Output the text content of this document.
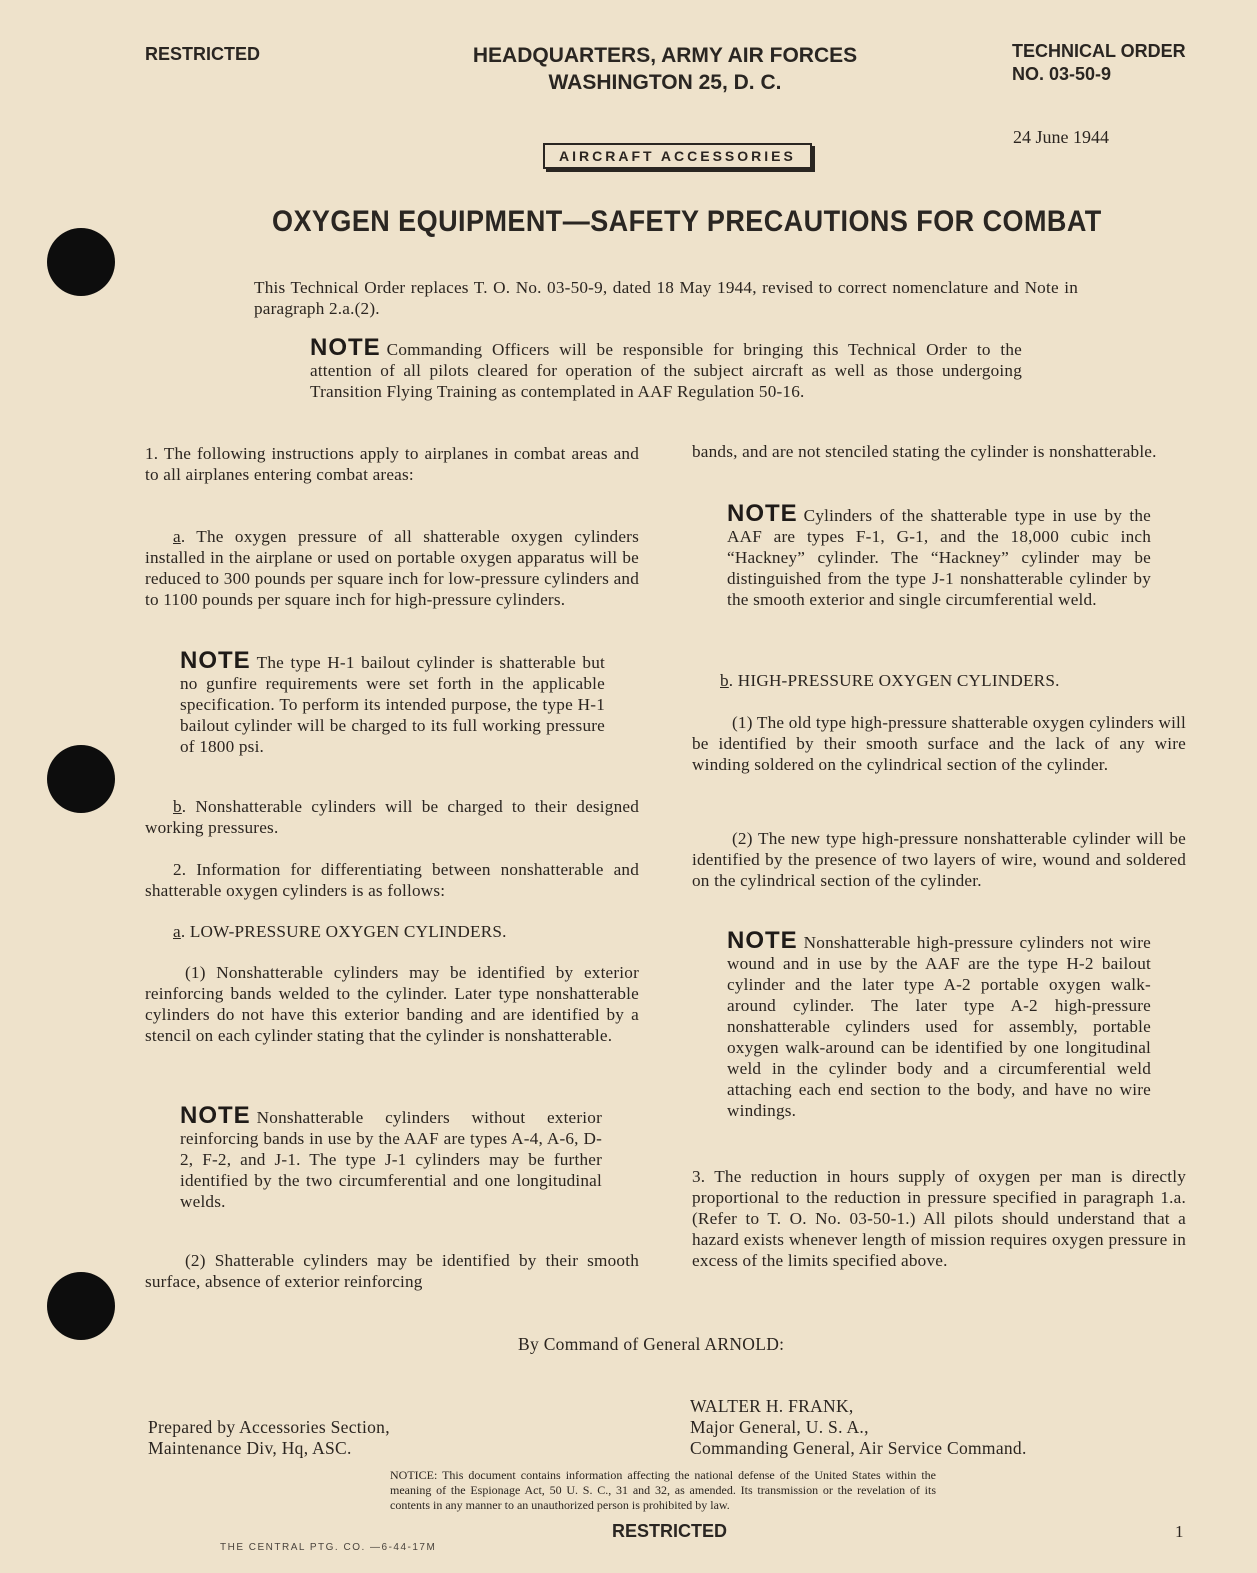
RESTRICTED	HEADQUARTERS, ARMY AIR FORCES
WASHINGTON 25, D. C.
TECHNICAL ORDER
NO. 03-50-9
24 June 1944
AIRCRAFT ACCESSORIES
OXYGEN EQUIPMENT—SAFETY PRECAUTIONS FOR COMBAT
This Technical Order replaces T. O. No. 03-50-9, dated 18 May 1944, revised to correct nomenclature and Note in paragraph 2.a.(2).
NOTE Commanding Officers will be responsible for bringing this Technical Order to the attention of all pilots cleared for operation of the subject aircraft as well as those undergoing Transition Flying Training as contemplated in AAF Regulation 50-16.
1. The following instructions apply to airplanes in combat areas and to all airplanes entering combat areas:
a. The oxygen pressure of all shatterable oxygen cylinders installed in the airplane or used on portable oxygen apparatus will be reduced to 300 pounds per square inch for low-pressure cylinders and to 1100 pounds per square inch for high-pressure cylinders.
NOTE The type H-1 bailout cylinder is shatterable but no gunfire requirements were set forth in the applicable specification. To perform its intended purpose, the type H-1 bailout cylinder will be charged to its full working pressure of 1800 psi.
b. Nonshatterable cylinders will be charged to their designed working pressures.
2. Information for differentiating between nonshatterable and shatterable oxygen cylinders is as follows:
a. LOW-PRESSURE OXYGEN CYLINDERS.
(1) Nonshatterable cylinders may be identified by exterior reinforcing bands welded to the cylinder. Later type nonshatterable cylinders do not have this exterior banding and are identified by a stencil on each cylinder stating that the cylinder is nonshatterable.
NOTE Nonshatterable cylinders without exterior reinforcing bands in use by the AAF are types A-4, A-6, D-2, F-2, and J-1. The type J-1 cylinders may be further identified by the two circumferential and one longitudinal welds.
(2) Shatterable cylinders may be identified by their smooth surface, absence of exterior reinforcing
bands, and are not stenciled stating the cylinder is nonshatterable.
NOTE Cylinders of the shatterable type in use by the AAF are types F-1, G-1, and the 18,000 cubic inch “Hackney” cylinder. The “Hackney” cylinder may be distinguished from the type J-1 nonshatterable cylinder by the smooth exterior and single circumferential weld.
b. HIGH-PRESSURE OXYGEN CYLINDERS.
(1) The old type high-pressure shatterable oxygen cylinders will be identified by their smooth surface and the lack of any wire winding soldered on the cylindrical section of the cylinder.
(2) The new type high-pressure nonshatterable cylinder will be identified by the presence of two layers of wire, wound and soldered on the cylindrical section of the cylinder.
NOTE Nonshatterable high-pressure cylinders not wire wound and in use by the AAF are the type H-2 bailout cylinder and the later type A-2 portable oxygen walk-around cylinder. The later type A-2 high-pressure nonshatterable cylinders used for assembly, portable oxygen walk-around can be identified by one longitudinal weld in the cylinder body and a circumferential weld attaching each end section to the body, and have no wire windings.
3. The reduction in hours supply of oxygen per man is directly proportional to the reduction in pressure specified in paragraph 1.a. (Refer to T. O. No. 03-50-1.) All pilots should understand that a hazard exists whenever length of mission requires oxygen pressure in excess of the limits specified above.
By Command of General ARNOLD:
WALTER H. FRANK,
Major General, U. S. A.,
Commanding General, Air Service Command.
Prepared by Accessories Section,
Maintenance Div, Hq, ASC.
NOTICE: This document contains information affecting the national defense of the United States within the meaning of the Espionage Act, 50 U. S. C., 31 and 32, as amended. Its transmission or the revelation of its contents in any manner to an unauthorized person is prohibited by law.
RESTRICTED
THE CENTRAL PTG. CO. —6-44-17M
1
